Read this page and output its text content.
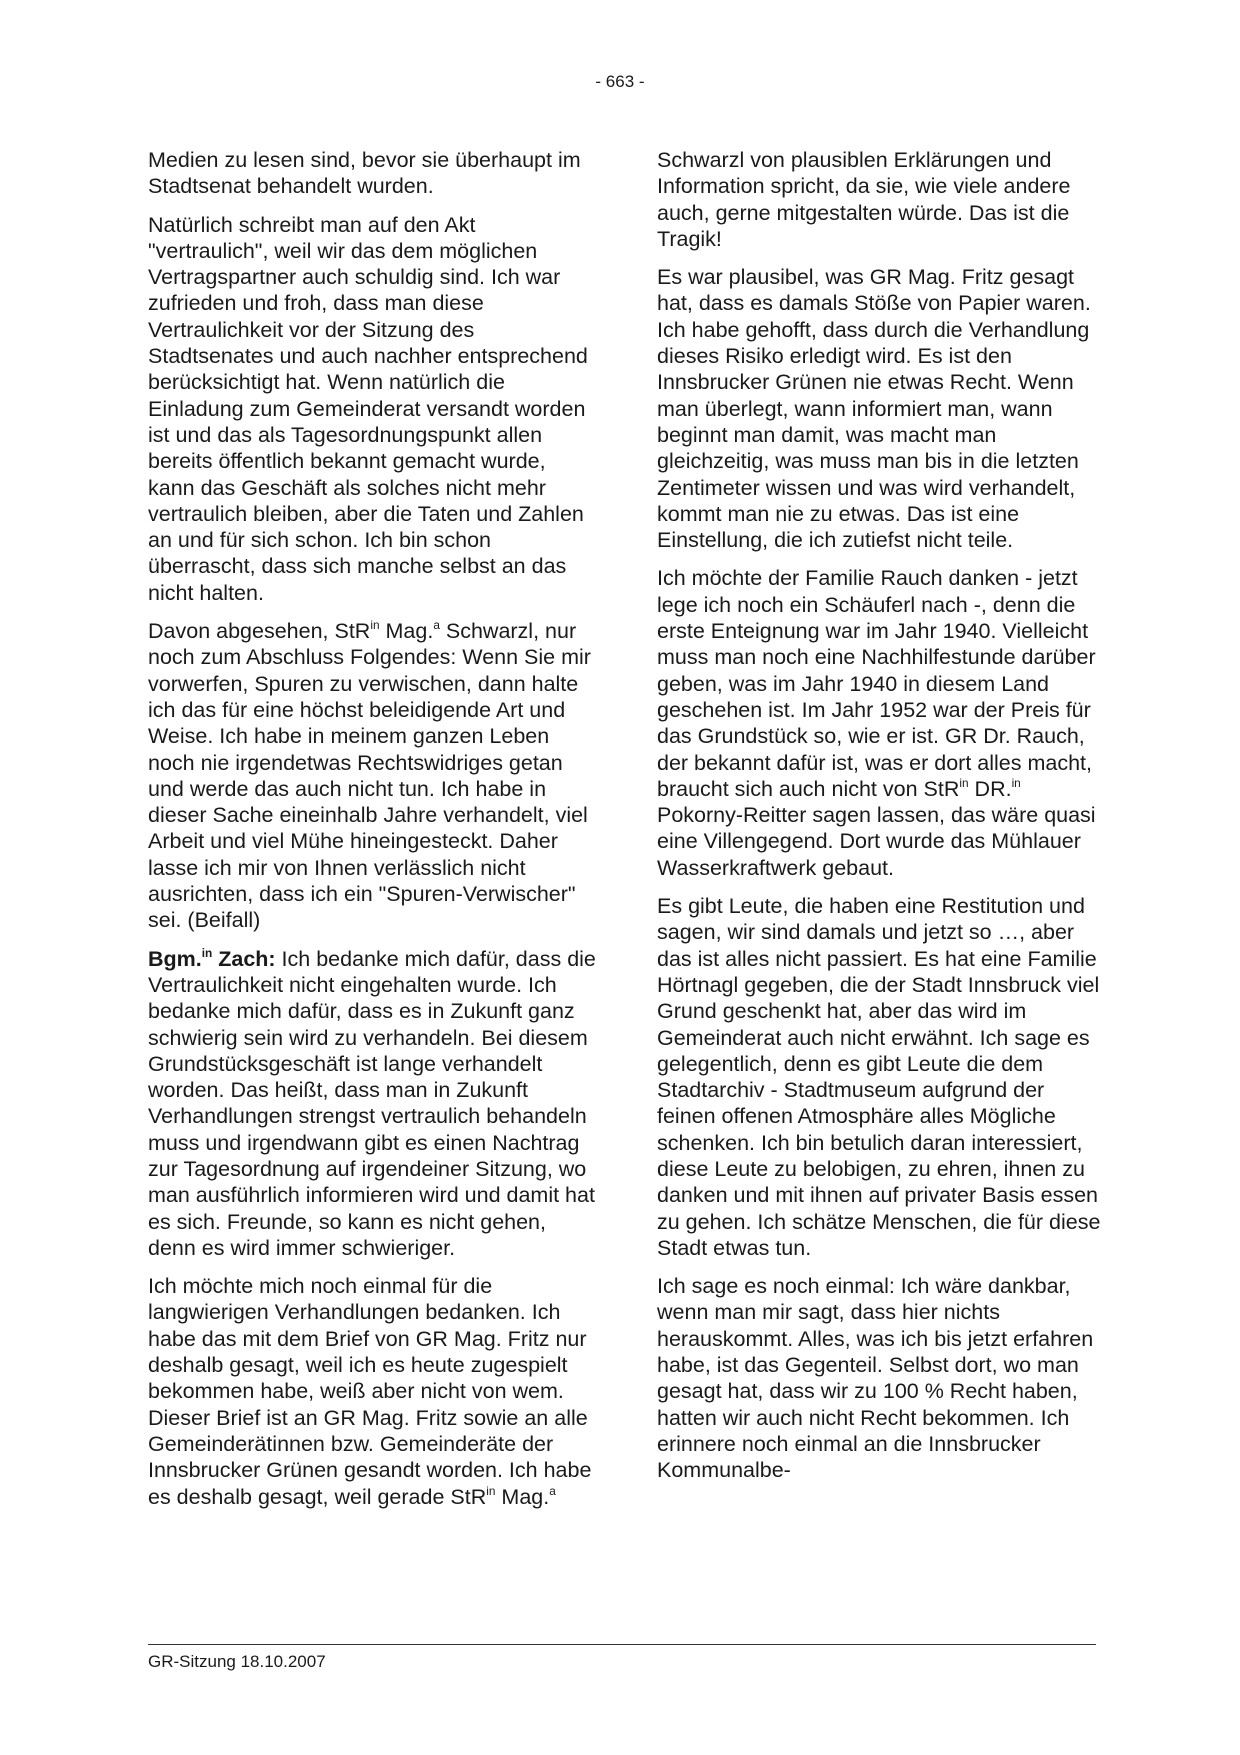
- 663 -

Medien zu lesen sind, bevor sie überhaupt im Stadtsenat behandelt wurden.

Natürlich schreibt man auf den Akt "vertraulich", weil wir das dem möglichen Vertragspartner auch schuldig sind. Ich war zufrieden und froh, dass man diese Vertraulichkeit vor der Sitzung des Stadtsenates und auch nachher entsprechend berücksichtigt hat. Wenn natürlich die Einladung zum Gemeinderat versandt worden ist und das als Tagesordnungspunkt allen bereits öffentlich bekannt gemacht wurde, kann das Geschäft als solches nicht mehr vertraulich bleiben, aber die Taten und Zahlen an und für sich schon. Ich bin schon überrascht, dass sich manche selbst an das nicht halten.

Davon abgesehen, StR$^{in}$ Mag.$^a$ Schwarzl, nur noch zum Abschluss Folgendes: Wenn Sie mir vorwerfen, Spuren zu verwischen, dann halte ich das für eine höchst beleidigende Art und Weise. Ich habe in meinem ganzen Leben noch nie irgendetwas Rechtswidriges getan und werde das auch nicht tun. Ich habe in dieser Sache eineinhalb Jahre verhandelt, viel Arbeit und viel Mühe hineingesteckt. Daher lasse ich mir von Ihnen verlässlich nicht ausrichten, dass ich ein "Spuren-Verwischer" sei. (Beifall)

Bgm.$^{in}$ Zach: Ich bedanke mich dafür, dass die Vertraulichkeit nicht eingehalten wurde. Ich bedanke mich dafür, dass es in Zukunft ganz schwierig sein wird zu verhandeln. Bei diesem Grundstücksgeschäft ist lange verhandelt worden. Das heißt, dass man in Zukunft Verhandlungen strengst vertraulich behandeln muss und irgendwann gibt es einen Nachtrag zur Tagesordnung auf irgendeiner Sitzung, wo man ausführlich informieren wird und damit hat es sich. Freunde, so kann es nicht gehen, denn es wird immer schwieriger.

Ich möchte mich noch einmal für die langwierigen Verhandlungen bedanken. Ich habe das mit dem Brief von GR Mag. Fritz nur deshalb gesagt, weil ich es heute zugespielt bekommen habe, weiß aber nicht von wem. Dieser Brief ist an GR Mag. Fritz sowie an alle Gemeinderätinnen bzw. Gemeinderäte der Innsbrucker Grünen gesandt worden. Ich habe es deshalb gesagt, weil gerade StR$^{in}$ Mag.$^a$

Schwarzl von plausiblen Erklärungen und Information spricht, da sie, wie viele andere auch, gerne mitgestalten würde. Das ist die Tragik!

Es war plausibel, was GR Mag. Fritz gesagt hat, dass es damals Stöße von Papier waren. Ich habe gehofft, dass durch die Verhandlung dieses Risiko erledigt wird. Es ist den Innsbrucker Grünen nie etwas Recht. Wenn man überlegt, wann informiert man, wann beginnt man damit, was macht man gleichzeitig, was muss man bis in die letzten Zentimeter wissen und was wird verhandelt, kommt man nie zu etwas. Das ist eine Einstellung, die ich zutiefst nicht teile.

Ich möchte der Familie Rauch danken - jetzt lege ich noch ein Schäuferl nach -, denn die erste Enteignung war im Jahr 1940. Vielleicht muss man noch eine Nachhilfestunde darüber geben, was im Jahr 1940 in diesem Land geschehen ist. Im Jahr 1952 war der Preis für das Grundstück so, wie er ist. GR Dr. Rauch, der bekannt dafür ist, was er dort alles macht, braucht sich auch nicht von StR$^{in}$ DR.$^{in}$ Pokorny-Reitter sagen lassen, das wäre quasi eine Villengegend. Dort wurde das Mühlauer Wasserkraftwerk gebaut.

Es gibt Leute, die haben eine Restitution und sagen, wir sind damals und jetzt so …, aber das ist alles nicht passiert. Es hat eine Familie Hörtnagl gegeben, die der Stadt Innsbruck viel Grund geschenkt hat, aber das wird im Gemeinderat auch nicht erwähnt. Ich sage es gelegentlich, denn es gibt Leute die dem Stadtarchiv - Stadtmuseum aufgrund der feinen offenen Atmosphäre alles Mögliche schenken. Ich bin betulich daran interessiert, diese Leute zu belobigen, zu ehren, ihnen zu danken und mit ihnen auf privater Basis essen zu gehen. Ich schätze Menschen, die für diese Stadt etwas tun.

Ich sage es noch einmal: Ich wäre dankbar, wenn man mir sagt, dass hier nichts herauskommt. Alles, was ich bis jetzt erfahren habe, ist das Gegenteil. Selbst dort, wo man gesagt hat, dass wir zu 100 % Recht haben, hatten wir auch nicht Recht bekommen. Ich erinnere noch einmal an die Innsbrucker Kommunalbe-

GR-Sitzung 18.10.2007
